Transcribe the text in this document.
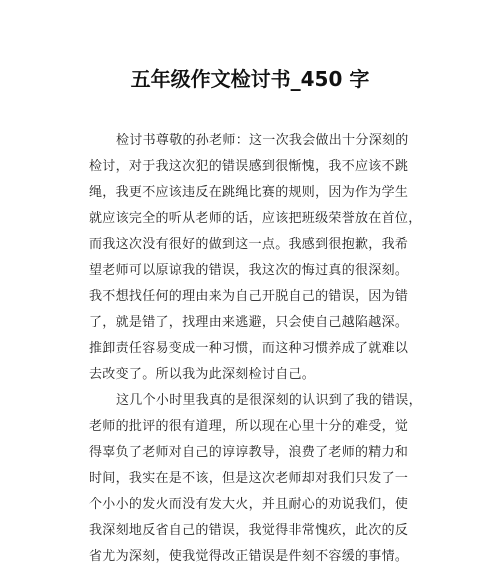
五年级作文检讨书_450 字
检讨书尊敬的孙老师：这一次我会做出十分深刻的
检讨，对于我这次犯的错误感到很惭愧，我不应该不跳
绳，我更不应该违反在跳绳比赛的规则，因为作为学生
就应该完全的听从老师的话，应该把班级荣誉放在首位，
而我这次没有很好的做到这一点。我感到很抱歉，我希
望老师可以原谅我的错误，我这次的悔过真的很深刻。
我不想找任何的理由来为自己开脱自己的错误，因为错
了，就是错了，找理由来逃避，只会使自己越陷越深。
推卸责任容易变成一种习惯，而这种习惯养成了就难以
去改变了。所以我为此深刻检讨自己。
这几个小时里我真的是很深刻的认识到了我的错误，
老师的批评的很有道理，所以现在心里十分的难受，觉
得辜负了老师对自己的谆谆教导，浪费了老师的精力和
时间，我实在是不该，但是这次老师却对我们只发了一
个小小的发火而没有发大火，并且耐心的劝说我们，使
我深刻地反省自己的错误，我觉得非常愧疚，此次的反
省尤为深刻，使我觉得改正错误是件刻不容缓的事情。
